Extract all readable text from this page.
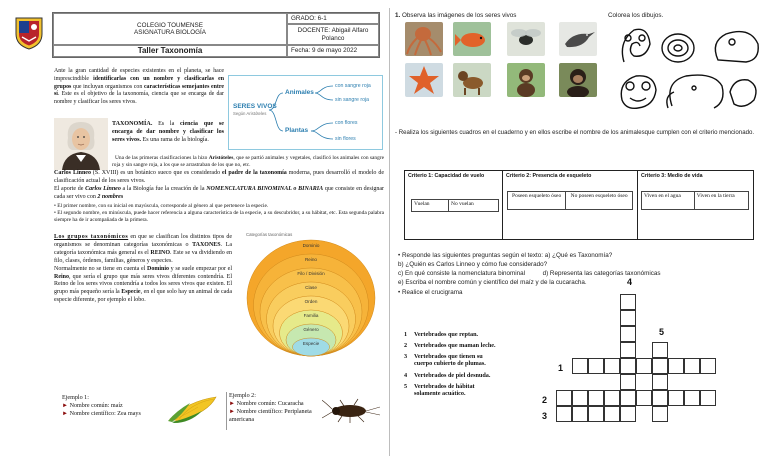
COLEGIO TOUMENSE
ASIGNATURA BIOLOGÍA
GRADO: 6-1
DOCENTE: Abigail Alfaro
Polanco
Taller Taxonomía	Fecha: 9 de mayo 2022
Ante la gran cantidad de especies existentes en el planeta, se hace imprescindible identificarlas con un nombre y clasificarlas en grupos que incluyan organismos con características semejantes entre sí. Este es el objetivo de la taxonomía, ciencia que se encarga de dar nombre y clasificar los seres vivos.
SERES VIVOS
Según Aristóteles
Animales
con sangre roja
sin sangre roja
Plantas
con flores
sin flores
TAXONOMÍA. Es la ciencia que se encarga de dar nombre y clasificar los seres vivos. Es una rama de la biología.
Una de las primeras clasificaciones la hizo Aristóteles, que se partió animales y vegetales, clasificó los animales con sangre roja y sin sangre roja, a los que se arrastraban de los que no, etc.
Carlos Linneo (S. XVIII) es un botánico sueco que es considerado el padre de la taxonomía moderna, pues desarrolló el modelo de clasificación actual de los seres vivos.
El aporte de Carlos Linneo a la Biología fue la creación de la NOMENCLATURA BINOMINAL o BINARIA que consiste en designar cada ser vivo con 2 nombres
• El primer nombre, con su inicial en mayúscula, corresponde al género al que pertenece la especie.
• El segundo nombre, en minúscula, puede hacer referencia a alguna característica de la especie, a su descubridor, a su hábitat, etc. Esta segunda palabra siempre ha de ir acompañada de la primera.
Los grupos taxonómicos en que se clasifican los distintos tipos de organismos se denominan categorías taxonómicas o TAXONES. La categoría taxonómica más general es el REINO. Este se va dividiendo en filo, clases, órdenes, familias, géneros y especies.
Normalmente no se tiene en cuenta el Dominio y se suele empezar por el Reino, que sería el grupo que más seres vivos diferentes contendría. El Reino de los seres vivos contendría a todos los seres vivos que existen. El grupo más pequeño sería la Especie, en el que solo hay un animal de cada especie diferente, por ejemplo el lobo.
Categorías taxonómicas
Dominio
Reino
Filo / División
Clase
Orden
Familia
Género
Especie
Ejemplo 1:
► Nombre común: maíz
► Nombre científico: Zea mays
Ejemplo 2:
► Nombre común: Cucaracha
► Nombre científico: Periplaneta americana
1. Observa las imágenes de los seres vivos	Colorea los dibujos.
- Realiza los siguientes cuadros en el cuaderno y en ellos escribe el nombre de los animalesque cumplen con el criterio mencionado.
Criterio 1: Capacidad de vuelo	Criterio 2: Presencia de esqueleto	Criterio 3: Medio de vida
Vuelan	No vuelan
Poseen esqueleto óseo	No poseen esqueleto óseo	Viven en el agua	Viven en la tierra
• Responde las siguientes preguntas según el texto: a) ¿Qué es Taxonomía?
b) ¿Quién es Carlos Linneo y cómo fue considerado?
c) En qué consiste la nomenclatura binominal	d) Representa las categorías taxonómicas
e) Escriba el nombre común y científico del maíz y de la cucaracha.
• Realice el crucigrama
1	Vertebrados que reptan.
2	Vertebrados que maman leche.
3	Vertebrados que tienen su cuerpo cubierto de plumas.
4	Vertebrados de piel desnuda.
5	Vertebrados de hábitat solamente acuático.
1
2
3
4
5
